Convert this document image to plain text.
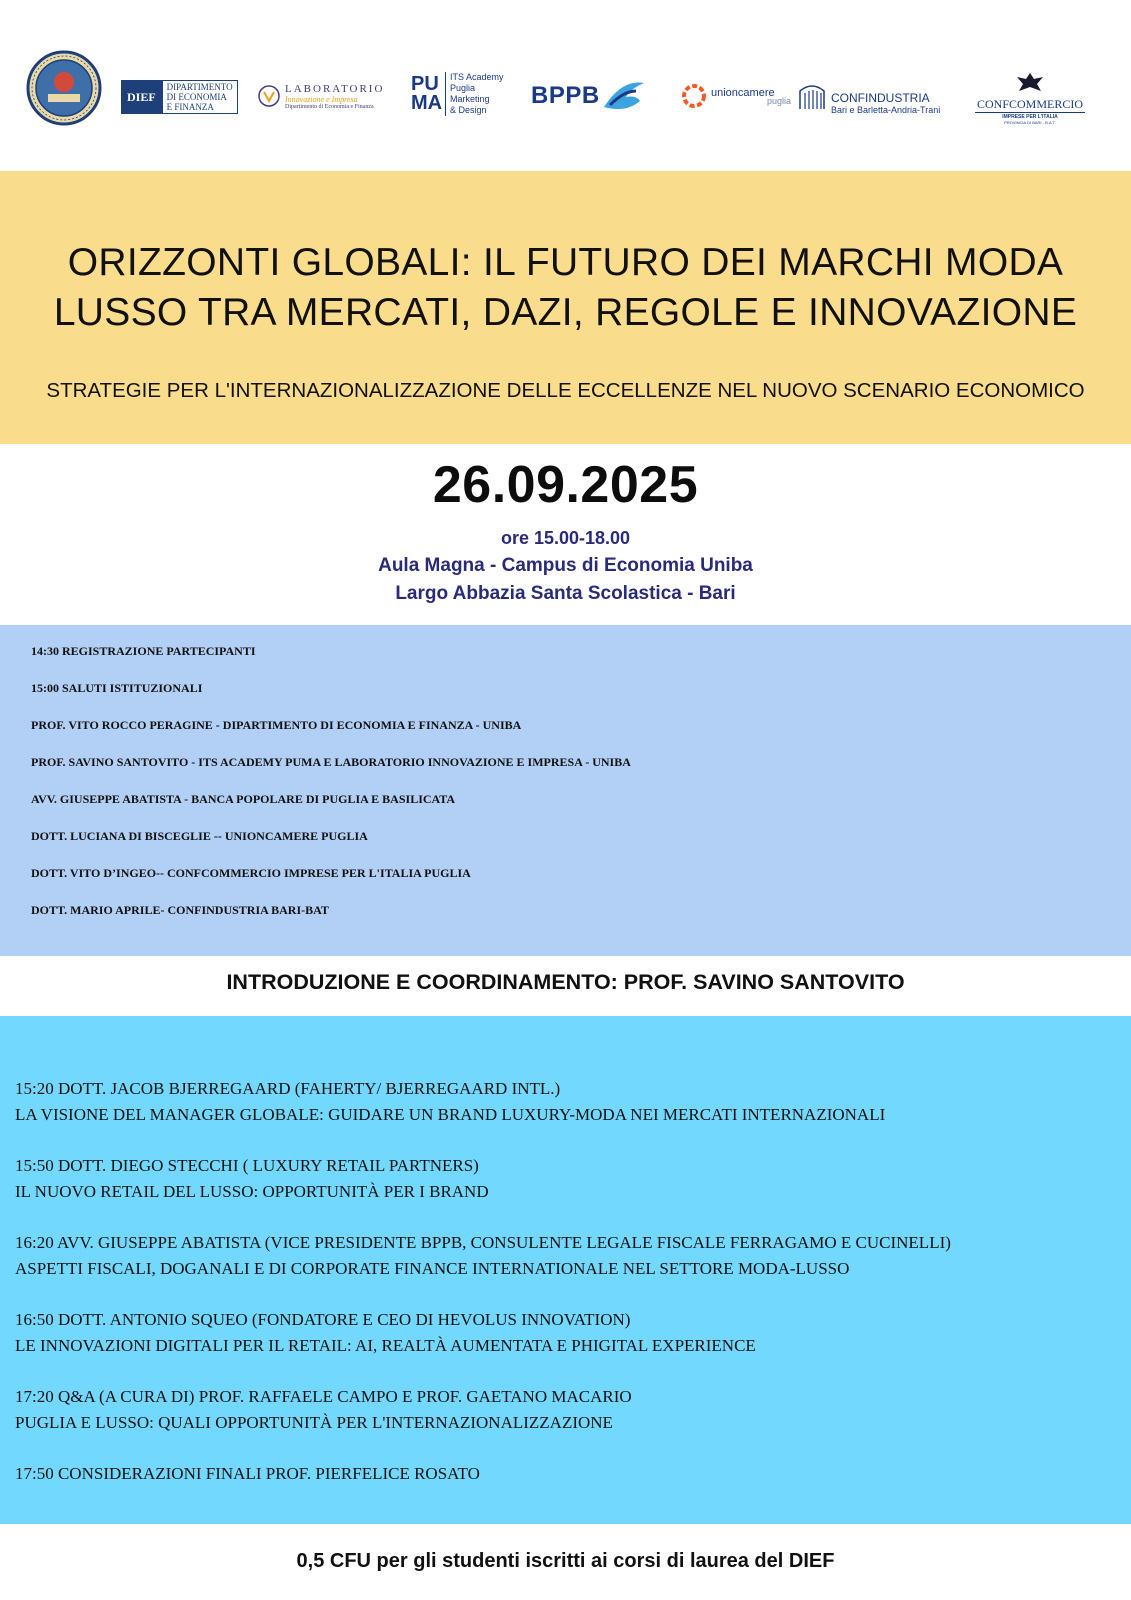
DIEF
DIPARTIMENTO
DI ECONOMIA
E FINANZA
LABORATORIO
Innovazione e Impresa
Dipartimento di Economia e Finanza
PU
MA
ITS Academy
Puglia
Marketing
& Design
BPPB	unioncamere
puglia	CONFINDUSTRIA
Bari e Barletta-Andria-Trani	CONFCOMMERCIO
IMPRESE PER L'ITALIA
PROVINCIA DI BARI - B.A.T.
ORIZZONTI GLOBALI: IL FUTURO DEI MARCHI MODA
LUSSO TRA MERCATI, DAZI, REGOLE E INNOVAZIONE
STRATEGIE PER L'INTERNAZIONALIZZAZIONE DELLE ECCELLENZE NEL NUOVO SCENARIO ECONOMICO
26.09.2025
ore 15.00-18.00
Aula Magna - Campus di Economia Uniba
Largo Abbazia Santa Scolastica - Bari
14:30 REGISTRAZIONE PARTECIPANTI
15:00 SALUTI ISTITUZIONALI
PROF. VITO ROCCO PERAGINE - DIPARTIMENTO DI ECONOMIA E FINANZA - UNIBA
PROF. SAVINO SANTOVITO - ITS ACADEMY PUMA E LABORATORIO INNOVAZIONE E IMPRESA - UNIBA
AVV. GIUSEPPE ABATISTA - BANCA POPOLARE DI PUGLIA E BASILICATA
DOTT. LUCIANA DI BISCEGLIE -- UNIONCAMERE PUGLIA
DOTT. VITO D’INGEO-- CONFCOMMERCIO IMPRESE PER L'ITALIA PUGLIA
DOTT. MARIO APRILE- CONFINDUSTRIA BARI-BAT
INTRODUZIONE E COORDINAMENTO: PROF. SAVINO SANTOVITO
15:20 DOTT. JACOB BJERREGAARD (FAHERTY/ BJERREGAARD INTL.)
LA VISIONE DEL MANAGER GLOBALE: GUIDARE UN BRAND LUXURY-MODA NEI MERCATI INTERNAZIONALI
15:50 DOTT. DIEGO STECCHI ( LUXURY RETAIL PARTNERS)
IL NUOVO RETAIL DEL LUSSO: OPPORTUNITÀ PER I BRAND
16:20 AVV. GIUSEPPE ABATISTA (VICE PRESIDENTE BPPB, CONSULENTE LEGALE FISCALE FERRAGAMO E CUCINELLI)
ASPETTI FISCALI, DOGANALI E DI CORPORATE FINANCE INTERNATIONALE NEL SETTORE MODA-LUSSO
16:50 DOTT. ANTONIO SQUEO (FONDATORE E CEO DI HEVOLUS INNOVATION)
LE INNOVAZIONI DIGITALI PER IL RETAIL: AI, REALTÀ AUMENTATA E PHIGITAL EXPERIENCE
17:20 Q&A (A CURA DI) PROF. RAFFAELE CAMPO E PROF. GAETANO MACARIO
PUGLIA E LUSSO: QUALI OPPORTUNITÀ PER L'INTERNAZIONALIZZAZIONE
17:50 CONSIDERAZIONI FINALI PROF. PIERFELICE ROSATO
0,5 CFU per gli studenti iscritti ai corsi di laurea del DIEF
